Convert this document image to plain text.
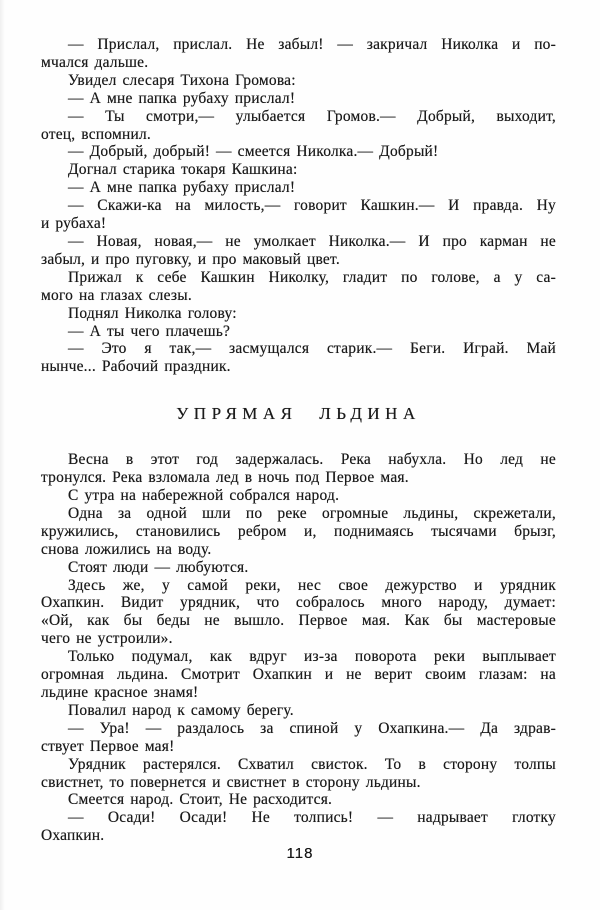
— Прислал, прислал. Не забыл! — закричал Николка и по-
мчался дальше.
Увидел слесаря Тихона Громова:
— А мне папка рубаху прислал!
— Ты смотри,— улыбается Громов.— Добрый, выходит,
отец, вспомнил.
— Добрый, добрый! — смеется Николка.— Добрый!
Догнал старика токаря Кашкина:
— А мне папка рубаху прислал!
— Скажи-ка на милость,— говорит Кашкин.— И правда. Ну
и рубаха!
— Новая, новая,— не умолкает Николка.— И про карман не
забыл, и про пуговку, и про маковый цвет.
Прижал к себе Кашкин Николку, гладит по голове, а у са-
мого на глазах слезы.
Поднял Николка голову:
— А ты чего плачешь?
— Это я так,— засмущался старик.— Беги. Играй. Май
нынче... Рабочий праздник.
УПРЯМАЯ ЛЬДИНА
Весна в этот год задержалась. Река набухла. Но лед не
тронулся. Река взломала лед в ночь под Первое мая.
С утра на набережной собрался народ.
Одна за одной шли по реке огромные льдины, скрежетали,
кружились, становились ребром и, поднимаясь тысячами брызг,
снова ложились на воду.
Стоят люди — любуются.
Здесь же, у самой реки, нес свое дежурство и урядник
Охапкин. Видит урядник, что собралось много народу, думает:
«Ой, как бы беды не вышло. Первое мая. Как бы мастеровые
чего не устроили».
Только подумал, как вдруг из-за поворота реки выплывает
огромная льдина. Смотрит Охапкин и не верит своим глазам: на
льдине красное знамя!
Повалил народ к самому берегу.
— Ура! — раздалось за спиной у Охапкина.— Да здрав-
ствует Первое мая!
Урядник растерялся. Схватил свисток. То в сторону толпы
свистнет, то повернется и свистнет в сторону льдины.
Смеется народ. Стоит, Не расходится.
— Осади! Осади! Не толпись! — надрывает глотку
Охапкин.
118
